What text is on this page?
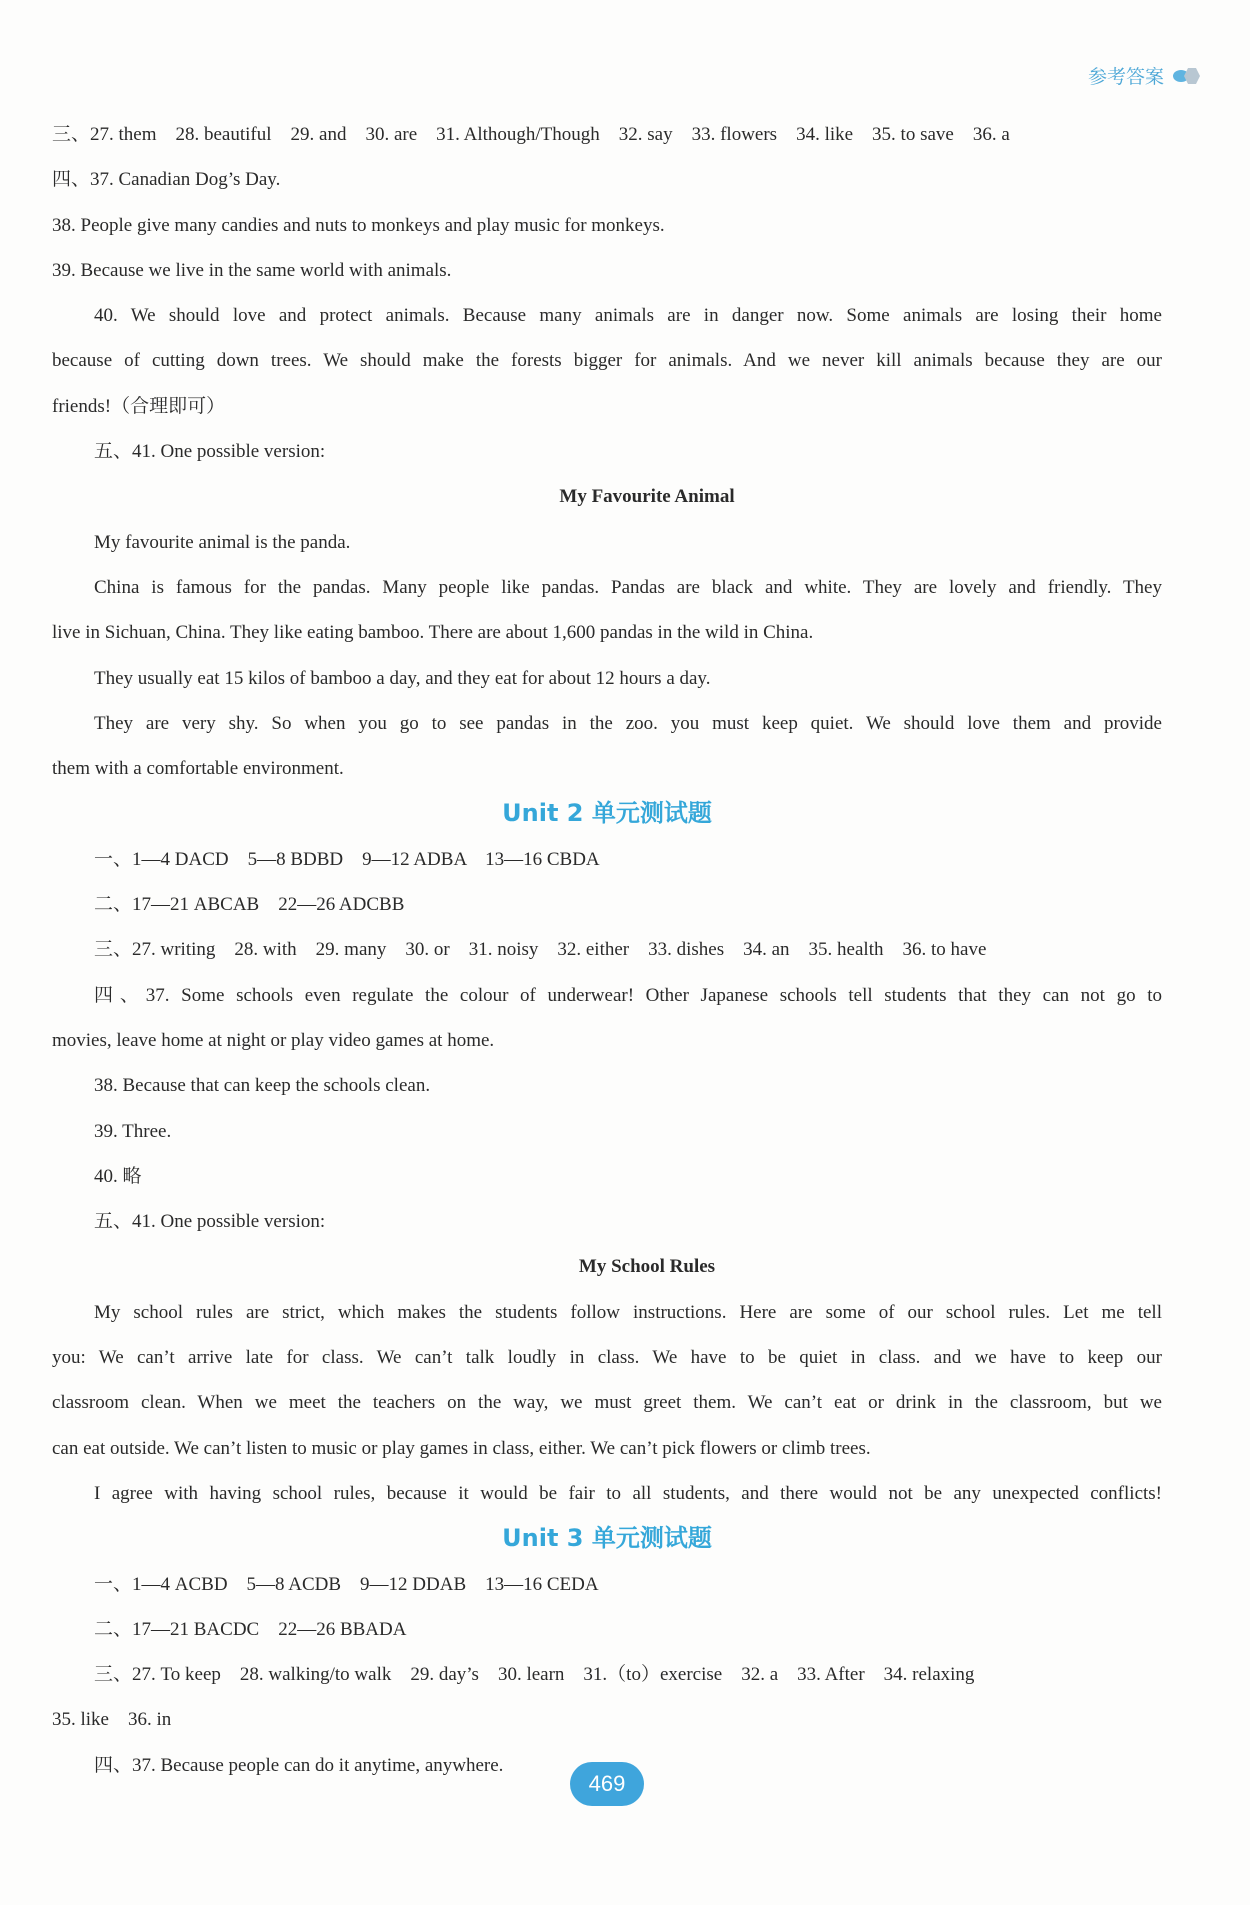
参考答案
三、27. them　28. beautiful　29. and　30. are　31. Although/Though　32. say　33. flowers　34. like　35. to save　36. a
四、37. Canadian Dog’s Day.
38. People give many candies and nuts to monkeys and play music for monkeys.
39. Because we live in the same world with animals.
40. We should love and protect animals. Because many animals are in danger now. Some animals are losing their home
because of cutting down trees. We should make the forests bigger for animals. And we never kill animals because they are our
friends!（合理即可）
五、41. One possible version:
My Favourite Animal
My favourite animal is the panda.
China is famous for the pandas. Many people like pandas. Pandas are black and white. They are lovely and friendly. They
live in Sichuan, China. They like eating bamboo. There are about 1,600 pandas in the wild in China.
They usually eat 15 kilos of bamboo a day, and they eat for about 12 hours a day.
They are very shy. So when you go to see pandas in the zoo. you must keep quiet. We should love them and provide
them with a comfortable environment.
Unit 2 单元测试题
一、1—4 DACD　5—8 BDBD　9—12 ADBA　13—16 CBDA
二、17—21 ABCAB　22—26 ADCBB
三、27. writing　28. with　29. many　30. or　31. noisy　32. either　33. dishes　34. an　35. health　36. to have
四、37. Some schools even regulate the colour of underwear! Other Japanese schools tell students that they can not go to
movies, leave home at night or play video games at home.
38. Because that can keep the schools clean.
39. Three.
40. 略
五、41. One possible version:
My School Rules
My school rules are strict, which makes the students follow instructions. Here are some of our school rules. Let me tell
you: We can’t arrive late for class. We can’t talk loudly in class. We have to be quiet in class. and we have to keep our
classroom clean. When we meet the teachers on the way, we must greet them. We can’t eat or drink in the classroom, but we
can eat outside. We can’t listen to music or play games in class, either. We can’t pick flowers or climb trees.
I agree with having school rules, because it would be fair to all students, and there would not be any unexpected conflicts!
Unit 3 单元测试题
一、1—4 ACBD　5—8 ACDB　9—12 DDAB　13—16 CEDA
二、17—21 BACDC　22—26 BBADA
三、27. To keep　28. walking/to walk　29. day’s　30. learn　31.（to）exercise　32. a　33. After　34. relaxing
35. like　36. in
四、37. Because people can do it anytime, anywhere.
469
